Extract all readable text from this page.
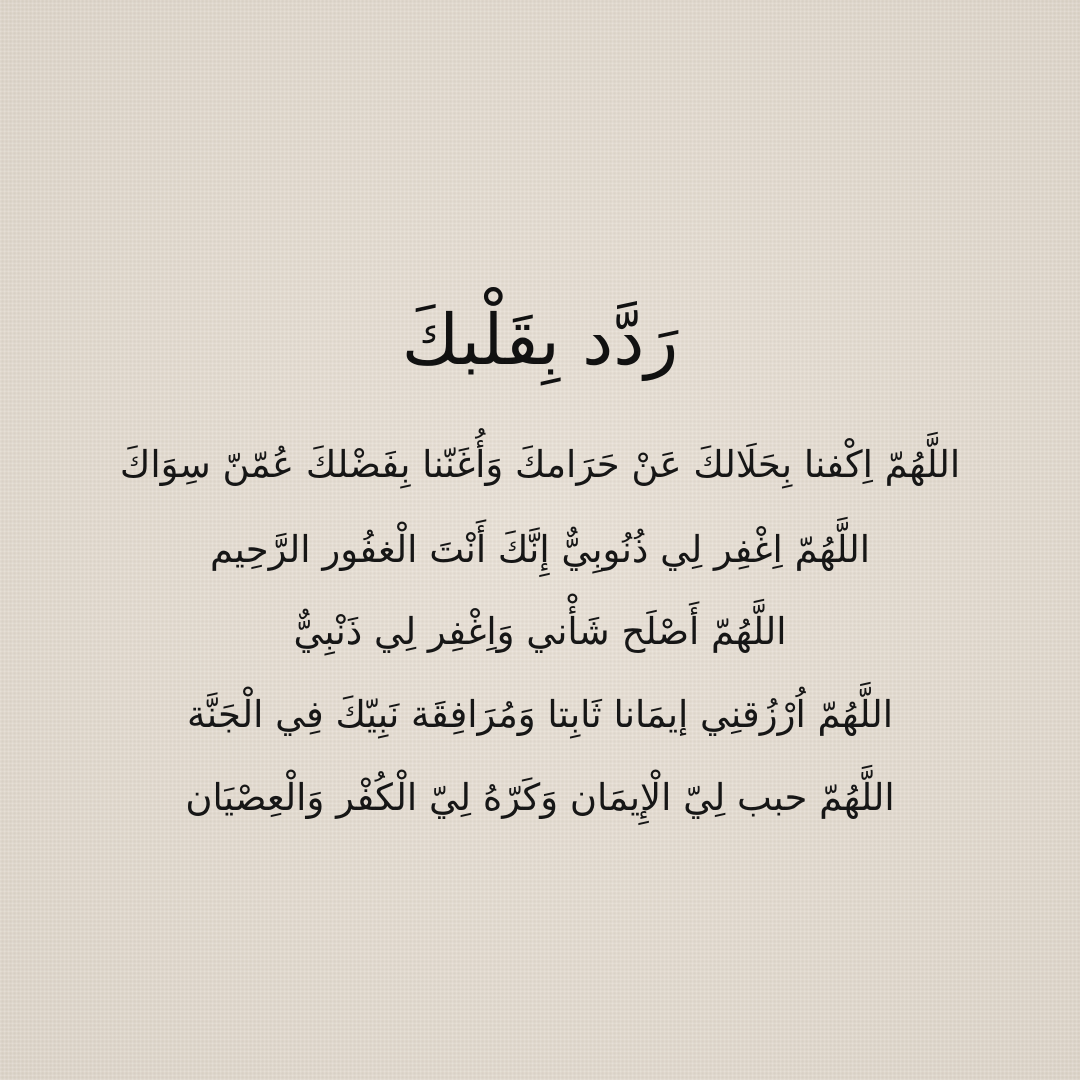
رَدَّد بِقَلْبكَ
اللَّهُمّ اِكْفنا بِحَلَالكَ عَنْ حَرَامكَ وَأُغَنّنا بِفَضْلكَ عُمّنّ سِوَاكَ
اللَّهُمّ اِغْفِر لِي ذُنُوبِيٌّ إِنَّكَ أَنْتَ الْغفُور الرَّحِيم
اللَّهُمّ أَصْلَح شَأْني وَاِغْفِر لِي ذَنْبِيٌّ
اللَّهُمّ اُرْزُقنِي إيمَانا ثَابِتا وَمُرَافِقَة نَبِيّكَ فِي الْجَنَّة
اللَّهُمّ حبب لِيّ الْإِيمَان وَكَرّهُ لِيّ الْكُفْر وَالْعِصْيَان
